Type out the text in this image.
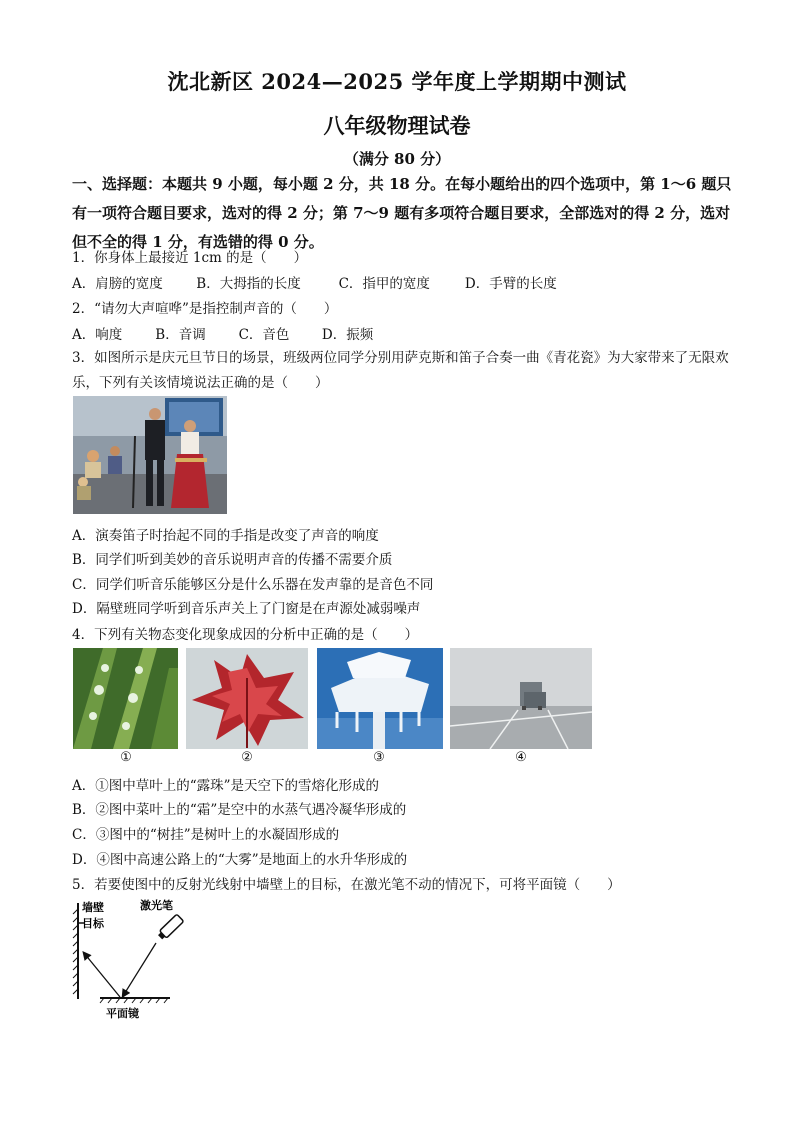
沈北新区 2024—2025 学年度上学期期中测试
八年级物理试卷
（满分 80 分）
一、选择题：本题共 9 小题，每小题 2 分，共 18 分。在每小题给出的四个选项中，第 1～6 题只有一项符合题目要求，选对的得 2 分；第 7～9 题有多项符合题目要求，全部选对的得 2 分，选对但不全的得 1 分，有选错的得 0 分。
1．你身体上最接近 1cm 的是（　　）
A．肩膀的宽度 B．大拇指的长度	C．指甲的宽度	D．手臂的长度
2．“请勿大声喧哗”是指控制声音的（　　）
A．响度 B．音调 C．音色 D．振频
3．如图所示是庆元旦节日的场景，班级两位同学分别用萨克斯和笛子合奏一曲《青花瓷》为大家带来了无限欢乐，下列有关该情境说法正确的是（　　）
A．演奏笛子时抬起不同的手指是改变了声音的响度
B．同学们听到美妙的音乐说明声音的传播不需要介质
C．同学们听音乐能够区分是什么乐器在发声靠的是音色不同
D．隔壁班同学听到音乐声关上了门窗是在声源处减弱噪声
4．下列有关物态变化现象成因的分析中正确的是（　　）
①	②	③	④
A．①图中草叶上的“露珠”是天空下的雪熔化形成的
B．②图中菜叶上的“霜”是空中的水蒸气遇冷凝华形成的
C．③图中的“树挂”是树叶上的水凝固形成的
D．④图中高速公路上的“大雾”是地面上的水升华形成的
5．若要使图中的反射光线射中墙壁上的目标，在激光笔不动的情况下，可将平面镜（　　）
墙壁
目标
激光笔
平面镜
